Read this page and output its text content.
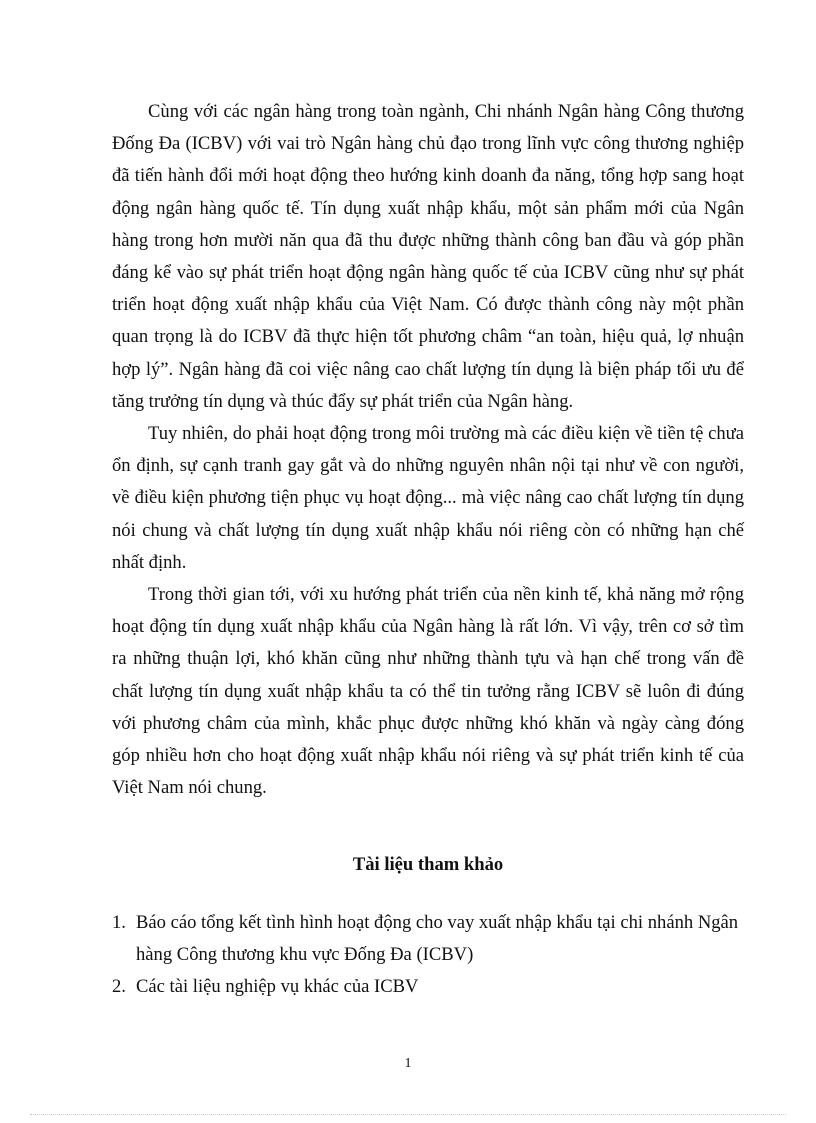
Cùng với các ngân hàng trong toàn ngành, Chi nhánh Ngân hàng Công thương Đống Đa (ICBV) với vai trò Ngân hàng chủ đạo trong lĩnh vực công thương nghiệp đã tiến hành đổi mới hoạt động theo hướng kinh doanh đa năng, tổng hợp sang hoạt động ngân hàng quốc tế. Tín dụng xuất nhập khẩu, một sản phẩm mới của Ngân hàng trong hơn mười năn qua đã thu được những thành công ban đầu và góp phần đáng kể vào sự phát triển hoạt động ngân hàng quốc tế của ICBV cũng như sự phát triển hoạt động xuất nhập khẩu của Việt Nam. Có được thành công này một phần quan trọng là do ICBV đã thực hiện tốt phương châm “an toàn, hiệu quả, lợ nhuận hợp lý”. Ngân hàng đã coi việc nâng cao chất lượng tín dụng là biện pháp tối ưu để tăng trưởng tín dụng và thúc đẩy sự phát triển của Ngân hàng.

Tuy nhiên, do phải hoạt động trong môi trường mà các điều kiện về tiền tệ chưa ổn định, sự cạnh tranh gay gắt và do những nguyên nhân nội tại như về con người, về điều kiện phương tiện phục vụ hoạt động... mà việc nâng cao chất lượng tín dụng nói chung và chất lượng tín dụng xuất nhập khẩu nói riêng còn có những hạn chế nhất định.

Trong thời gian tới, với xu hướng phát triển của nền kinh tế, khả năng mở rộng hoạt động tín dụng xuất nhập khẩu của Ngân hàng là rất lớn. Vì vậy, trên cơ sở tìm ra những thuận lợi, khó khăn cũng như những thành tựu và hạn chế trong vấn đề chất lượng tín dụng xuất nhập khẩu ta có thể tin tưởng rằng ICBV sẽ luôn đi đúng với phương châm của mình, khắc phục được những khó khăn và ngày càng đóng góp nhiều hơn cho hoạt động xuất nhập khẩu nói riêng và sự phát triển kinh tế của Việt Nam nói chung.

Tài liệu tham khảo
1. Báo cáo tổng kết tình hình hoạt động cho vay xuất nhập khẩu tại chi nhánh Ngân hàng Công thương khu vực Đống Đa (ICBV)
2. Các tài liệu nghiệp vụ khác của ICBV

1
